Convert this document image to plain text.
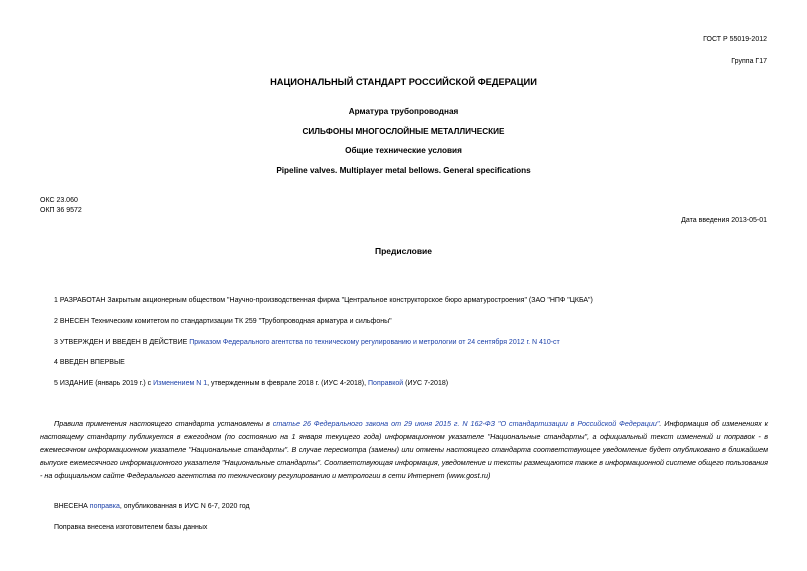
ГОСТ Р 55019-2012
Группа Г17
НАЦИОНАЛЬНЫЙ СТАНДАРТ РОССИЙСКОЙ ФЕДЕРАЦИИ
Арматура трубопроводная
СИЛЬФОНЫ МНОГОСЛОЙНЫЕ МЕТАЛЛИЧЕСКИЕ
Общие технические условия
Pipeline valves. Multiplayer metal bellows. General specifications
ОКС 23.060
ОКП 36 9572
Дата введения 2013-05-01
Предисловие
1 РАЗРАБОТАН Закрытым акционерным обществом "Научно-производственная фирма "Центральное конструкторское бюро арматуростроения" (ЗАО "НПФ "ЦКБА")
2 ВНЕСЕН Техническим комитетом по стандартизации ТК 259 "Трубопроводная арматура и сильфоны"
3 УТВЕРЖДЕН И ВВЕДЕН В ДЕЙСТВИЕ Приказом Федерального агентства по техническому регулированию и метрологии от 24 сентября 2012 г. N 410-ст
4 ВВЕДЕН ВПЕРВЫЕ
5 ИЗДАНИЕ (январь 2019 г.) с Изменением N 1, утвержденным в феврале 2018 г. (ИУС 4-2018), Поправкой (ИУС 7-2018)
Правила применения настоящего стандарта установлены в статье 26 Федерального закона от 29 июня 2015 г. N 162-ФЗ "О стандартизации в Российской Федерации". Информация об изменениях к настоящему стандарту публикуется в ежегодном (по состоянию на 1 января текущего года) информационном указателе "Национальные стандарты", а официальный текст изменений и поправок - в ежемесячном информационном указателе "Национальные стандарты". В случае пересмотра (замены) или отмены настоящего стандарта соответствующее уведомление будет опубликовано в ближайшем выпуске ежемесячного информационного указателя "Национальные стандарты". Соответствующая информация, уведомление и тексты размещаются также в информационной системе общего пользования - на официальном сайте Федерального агентства по техническому регулированию и метрологии в сети Интернет (www.gost.ru)
ВНЕСЕНА поправка, опубликованная в ИУС N 6-7, 2020 год
Поправка внесена изготовителем базы данных
